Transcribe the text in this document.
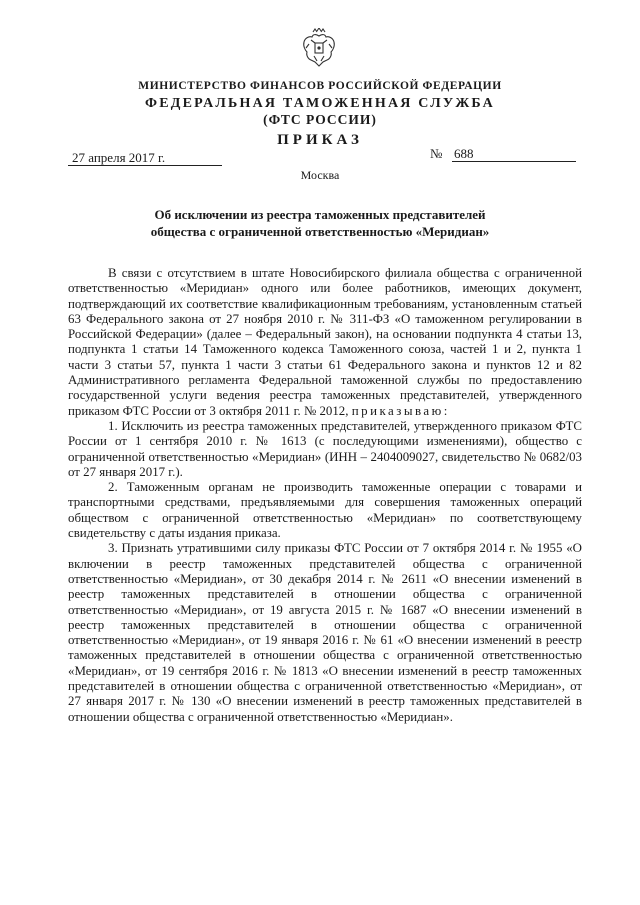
МИНИСТЕРСТВО ФИНАНСОВ РОССИЙСКОЙ ФЕДЕРАЦИИ
ФЕДЕРАЛЬНАЯ ТАМОЖЕННАЯ СЛУЖБА
(ФТС РОССИИ)
ПРИКАЗ
27 апреля 2017 г.	№ 688
Москва
Об исключении из реестра таможенных представителей
общества с ограниченной ответственностью «Меридиан»

В связи с отсутствием в штате Новосибирского филиала общества с ограниченной ответственностью «Меридиан» одного или более работников, имеющих документ, подтверждающий их соответствие квалификационным требованиям, установленным статьей 63 Федерального закона от 27 ноября 2010 г. № 311-ФЗ «О таможенном регулировании в Российской Федерации» (далее – Федеральный закон), на основании подпункта 4 статьи 13, подпункта 1 статьи 14 Таможенного кодекса Таможенного союза, частей 1 и 2, пункта 1 части 3 статьи 57, пункта 1 части 3 статьи 61 Федерального закона и пунктов 12 и 82 Административного регламента Федеральной таможенной службы по предоставлению государственной услуги ведения реестра таможенных представителей, утвержденного приказом ФТС России от 3 октября 2011 г. № 2012, приказываю:

1. Исключить из реестра таможенных представителей, утвержденного приказом ФТС России от 1 сентября 2010 г. № 1613 (с последующими изменениями), общество с ограниченной ответственностью «Меридиан» (ИНН – 2404009027, свидетельство № 0682/03 от 27 января 2017 г.).

2. Таможенным органам не производить таможенные операции с товарами и транспортными средствами, предъявляемыми для совершения таможенных операций обществом с ограниченной ответственностью «Меридиан» по соответствующему свидетельству с даты издания приказа.

3. Признать утратившими силу приказы ФТС России от 7 октября 2014 г. № 1955 «О включении в реестр таможенных представителей общества с ограниченной ответственностью «Меридиан», от 30 декабря 2014 г. № 2611 «О внесении изменений в реестр таможенных представителей в отношении общества с ограниченной ответственностью «Меридиан», от 19 августа 2015 г. № 1687 «О внесении изменений в реестр таможенных представителей в отношении общества с ограниченной ответственностью «Меридиан», от 19 января 2016 г. № 61 «О внесении изменений в реестр таможенных представителей в отношении общества с ограниченной ответственностью «Меридиан», от 19 сентября 2016 г. № 1813 «О внесении изменений в реестр таможенных представителей в отношении общества с ограниченной ответственностью «Меридиан», от 27 января 2017 г. № 130 «О внесении изменений в реестр таможенных представителей в отношении общества с ограниченной ответственностью «Меридиан».
